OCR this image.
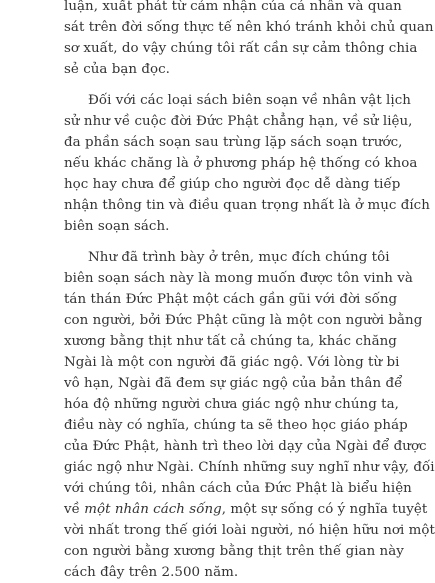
luận, xuất phát từ cảm nhận của cá nhân và quan
sát trên đời sống thực tế nên khó tránh khỏi chủ quan
sơ xuất, do vậy chúng tôi rất cần sự cảm thông chia
sẻ của bạn đọc.
Đối với các loại sách biên soạn về nhân vật lịch
sử như về cuộc đời Đức Phật chẳng hạn, về sử liệu,
đa phần sách soạn sau trùng lặp sách soạn trước,
nếu khác chăng là ở phương pháp hệ thống có khoa
học hay chưa để giúp cho người đọc dễ dàng tiếp
nhận thông tin và điều quan trọng nhất là ở mục đích
biên soạn sách.
Như đã trình bày ở trên, mục đích chúng tôi
biên soạn sách này là mong muốn được tôn vinh và
tán thán Đức Phật một cách gần gũi với đời sống
con người, bởi Đức Phật cũng là một con người bằng
xương bằng thịt như tất cả chúng ta, khác chăng
Ngài là một con người đã giác ngộ. Với lòng từ bi
vô hạn, Ngài đã đem sự giác ngộ của bản thân để
hóa độ những người chưa giác ngộ như chúng ta,
điều này có nghĩa, chúng ta sẽ theo học giáo pháp
của Đức Phật, hành trì theo lời dạy của Ngài để được
giác ngộ như Ngài. Chính những suy nghĩ như vậy, đối
với chúng tôi, nhân cách của Đức Phật là biểu hiện
về một nhân cách sống, một sự sống có ý nghĩa tuyệt
vời nhất trong thế giới loài người, nó hiện hữu nơi một
con người bằng xương bằng thịt trên thế gian này
cách đây trên 2.500 năm.
